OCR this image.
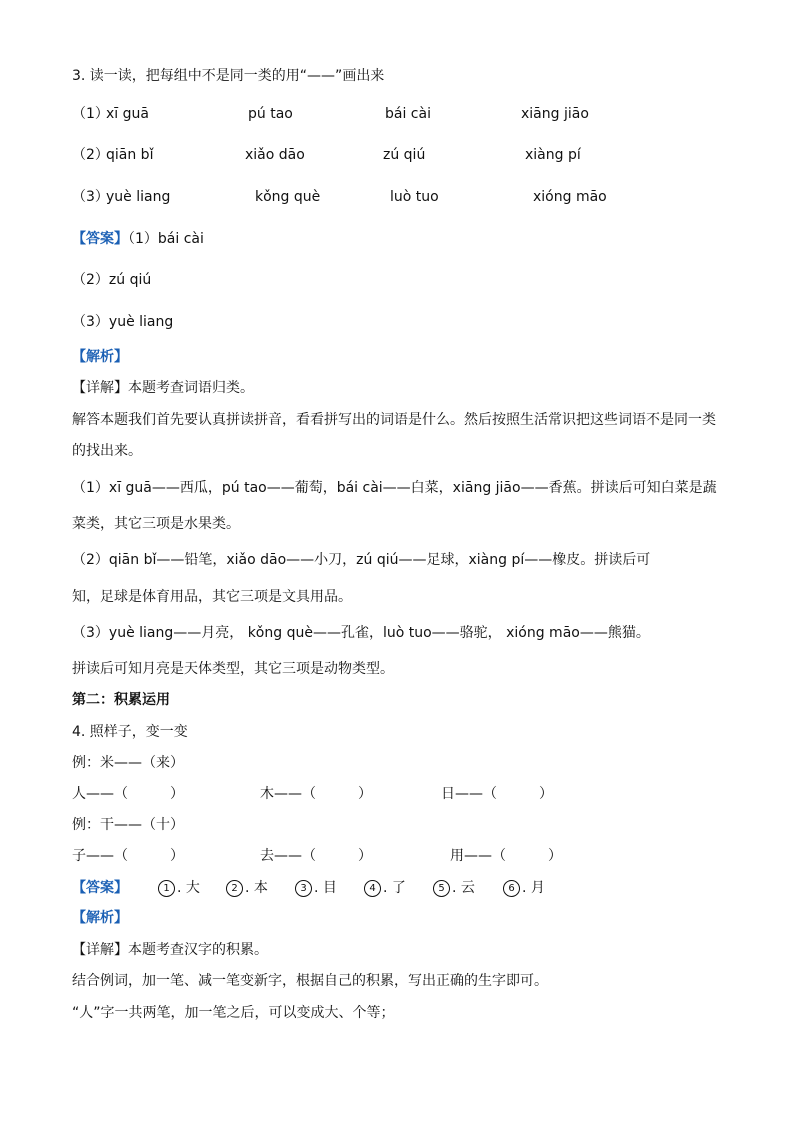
3. 读一读，把每组中不是同一类的用“——”画出来
（1）
xī guā	pú tao	bái cài	xiāng jiāo
（2）
qiān bǐ	xiǎo dāo	zú qiú	xiàng pí
（3）
yuè liang	kǒng què	luò tuo	xióng māo
【答案】（1）bái cài
（2）zú qiú
（3）yuè liang
【解析】
【详解】本题考查词语归类。
解答本题我们首先要认真拼读拼音，看看拼写出的词语是什么。然后按照生活常识把这些词语不是同一类
的找出来。
（1）xī guā——西瓜，pú tao——葡萄，bái cài——白菜，xiāng jiāo——香蕉。拼读后可知白菜是蔬
菜类，其它三项是水果类。
（2）qiān bǐ——铅笔，xiǎo dāo——小刀，zú qiú——足球，xiàng pí——橡皮。拼读后可
知，足球是体育用品，其它三项是文具用品。
（3）yuè liang——月亮， kǒng què——孔雀，luò tuo——骆驼， xióng māo——熊猫。
拼读后可知月亮是天体类型，其它三项是动物类型。
第二：积累运用
4. 照样子，变一变
例：米——（来）
人——（　　　）	木——（　　　）	日——（　　　）
例：干——（十）
子——（　　　）	去——（　　　）	用——（　　　）
【答案】	1 . 大	2 . 本	3 . 目	4 . 了	5 . 云	6 . 月
【解析】
【详解】本题考查汉字的积累。
结合例词，加一笔、减一笔变新字，根据自己的积累，写出正确的生字即可。
“人”字一共两笔，加一笔之后，可以变成大、个等；
